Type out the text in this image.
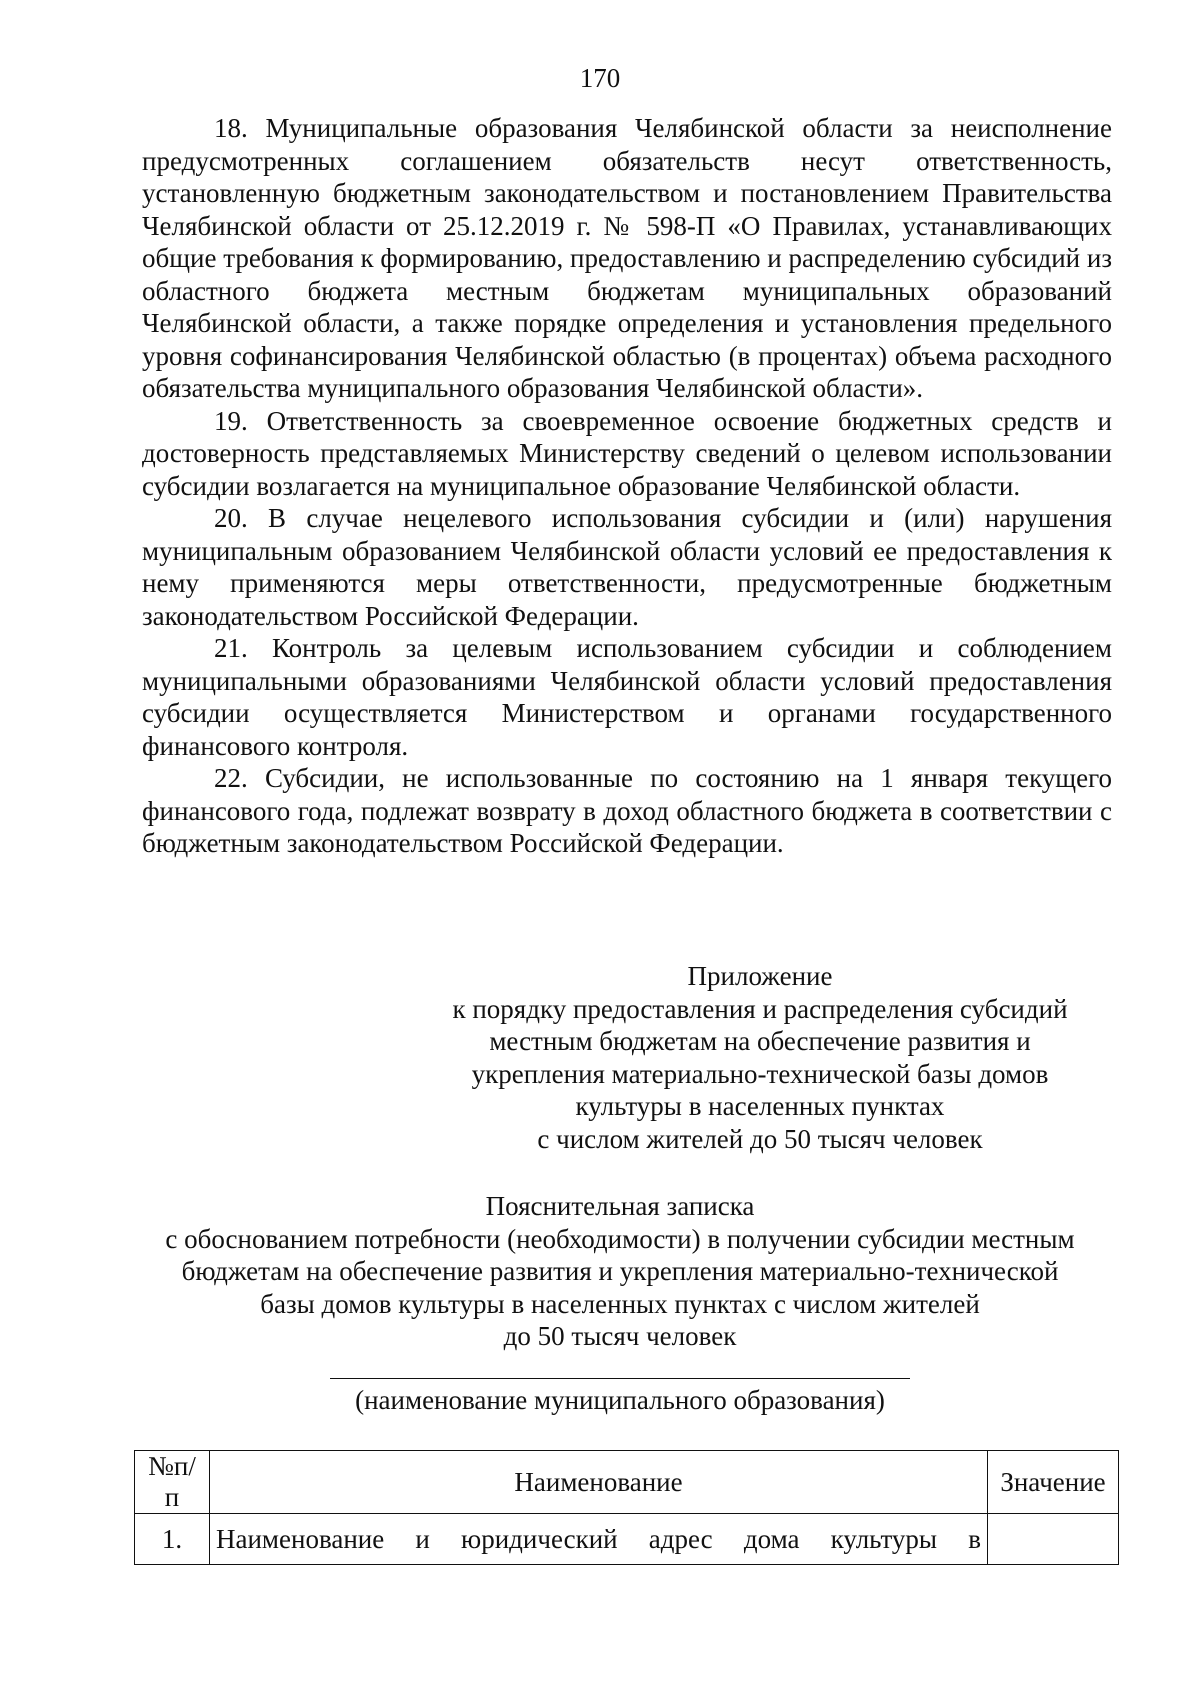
170

18. Муниципальные образования Челябинской области за неисполнение предусмотренных соглашением обязательств несут ответственность, установленную бюджетным законодательством и постановлением Правительства Челябинской области от 25.12.2019 г. № 598-П «О Правилах, устанавливающих общие требования к формированию, предоставлению и распределению субсидий из областного бюджета местным бюджетам муниципальных образований Челябинской области, а также порядке определения и установления предельного уровня софинансирования Челябинской областью (в процентах) объема расходного обязательства муниципального образования Челябинской области».

19. Ответственность за своевременное освоение бюджетных средств и достоверность представляемых Министерству сведений о целевом использовании субсидии возлагается на муниципальное образование Челябинской области.

20. В случае нецелевого использования субсидии и (или) нарушения муниципальным образованием Челябинской области условий ее предоставления к нему применяются меры ответственности, предусмотренные бюджетным законодательством Российской Федерации.

21. Контроль за целевым использованием субсидии и соблюдением муниципальными образованиями Челябинской области условий предоставления субсидии осуществляется Министерством и органами государственного финансового контроля.

22. Субсидии, не использованные по состоянию на 1 января текущего финансового года, подлежат возврату в доход областного бюджета в соответствии с бюджетным законодательством Российской Федерации.

Приложение
к порядку предоставления и распределения субсидий
местным бюджетам на обеспечение развития и
укрепления материально-технической базы домов
культуры в населенных пунктах
с числом жителей до 50 тысяч человек
Пояснительная записка
с обоснованием потребности (необходимости) в получении субсидии местным
бюджетам на обеспечение развития и укрепления материально-технической
базы домов культуры в населенных пунктах с числом жителей
до 50 тысяч человек
(наименование муниципального образования)
№п/п	Наименование	Значение
1.	Наименование и юридический адрес дома культуры в	
